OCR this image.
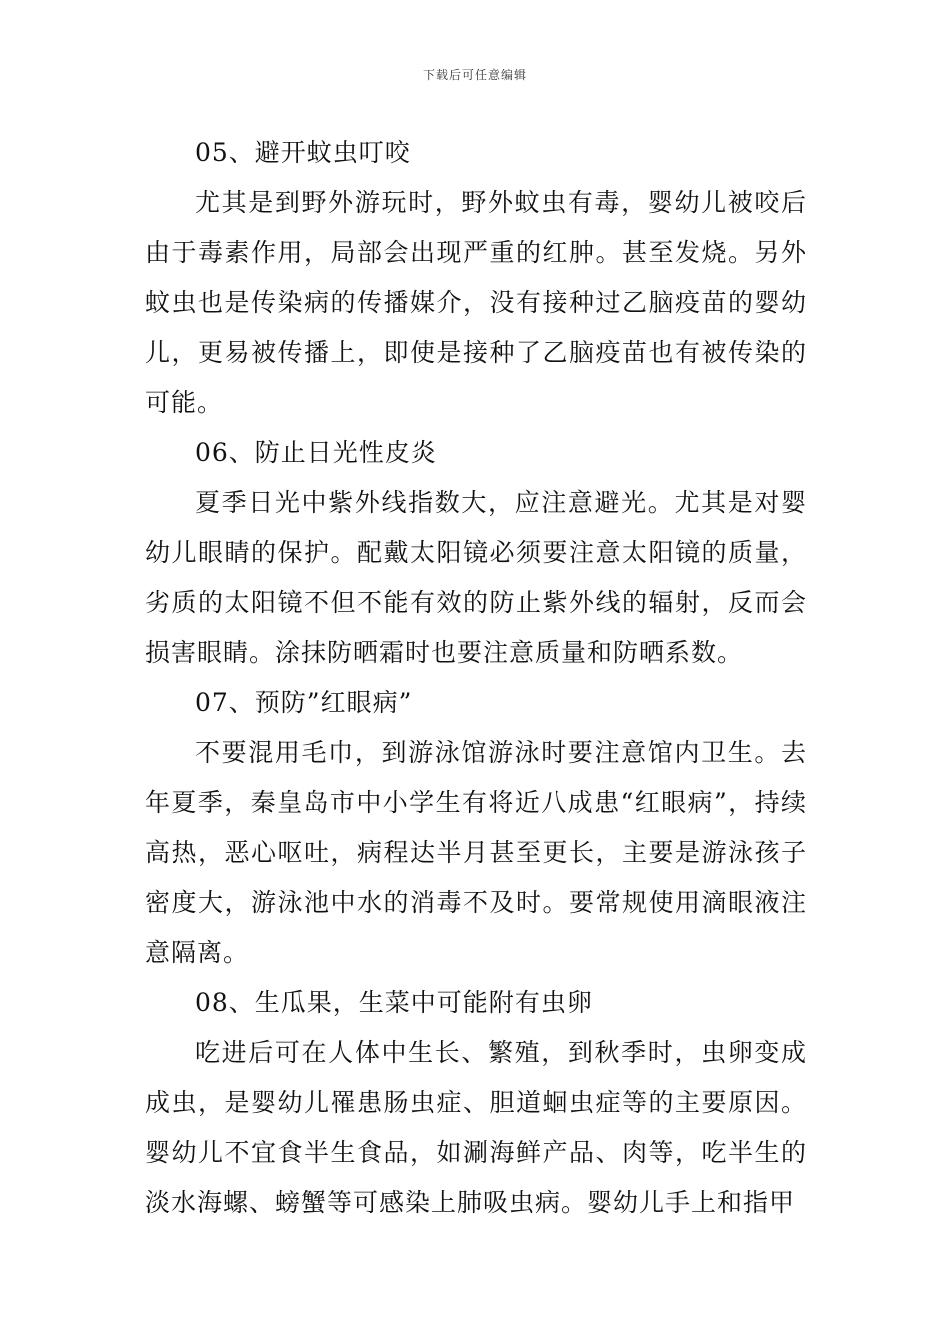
下载后可任意编辑

05、避开蚊虫叮咬

尤其是到野外游玩时，野外蚊虫有毒，婴幼儿被咬后由于毒素作用，局部会出现严重的红肿。甚至发烧。另外蚊虫也是传染病的传播媒介，没有接种过乙脑疫苗的婴幼儿，更易被传播上，即使是接种了乙脑疫苗也有被传染的可能。

06、防止日光性皮炎

夏季日光中紫外线指数大，应注意避光。尤其是对婴幼儿眼睛的保护。配戴太阳镜必须要注意太阳镜的质量，劣质的太阳镜不但不能有效的防止紫外线的辐射，反而会损害眼睛。涂抹防晒霜时也要注意质量和防晒系数。

07、预防”红眼病”

不要混用毛巾，到游泳馆游泳时要注意馆内卫生。去年夏季，秦皇岛市中小学生有将近八成患“红眼病”，持续高热，恶心呕吐，病程达半月甚至更长，主要是游泳孩子密度大，游泳池中水的消毒不及时。要常规使用滴眼液注意隔离。

08、生瓜果，生菜中可能附有虫卵

吃进后可在人体中生长、繁殖，到秋季时，虫卵变成成虫，是婴幼儿罹患肠虫症、胆道蛔虫症等的主要原因。婴幼儿不宜食半生食品，如涮海鲜产品、肉等，吃半生的淡水海螺、螃蟹等可感染上肺吸虫病。婴幼儿手上和指甲
